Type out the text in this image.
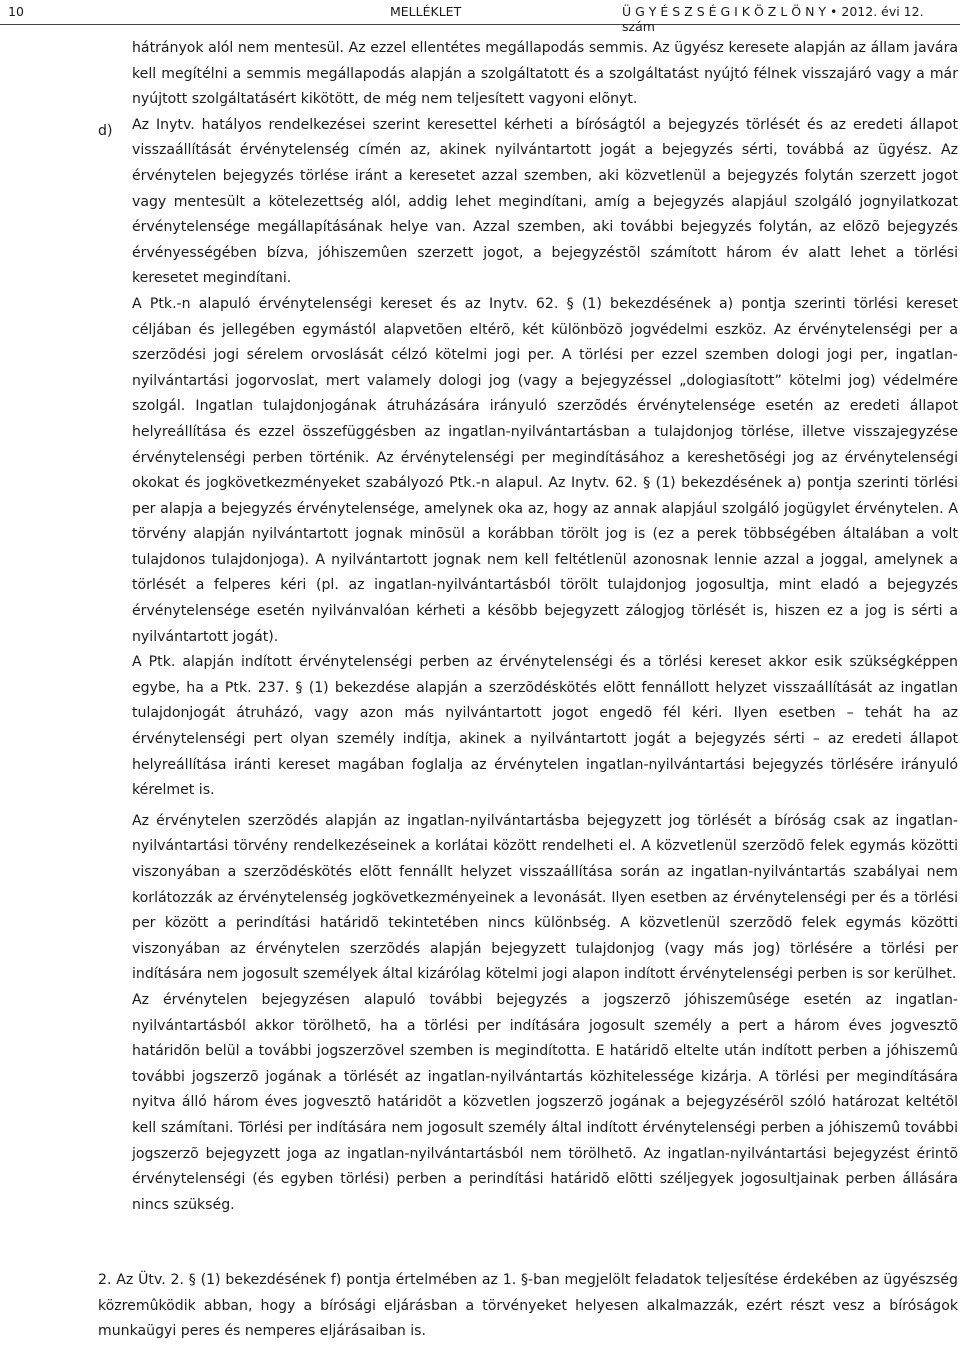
10	MELLÉKLET	Ü G Y É S Z S É G I K Ö Z L Ö N Y • 2012. évi 12. szám
d)

hátrányok alól nem mentesül. Az ezzel ellentétes megállapodás semmis. Az ügyész keresete alapján az állam javára kell megítélni a semmis megállapodás alapján a szolgáltatott és a szolgáltatást nyújtó félnek visszajáró vagy a már nyújtott szolgáltatásért kikötött, de még nem teljesített vagyoni elõnyt.

Az Inytv. hatályos rendelkezései szerint keresettel kérheti a bíróságtól a bejegyzés törlését és az eredeti állapot visszaállítását érvénytelenség címén az, akinek nyilvántartott jogát a bejegyzés sérti, továbbá az ügyész. Az érvénytelen bejegyzés törlése iránt a keresetet azzal szemben, aki közvetlenül a bejegyzés folytán szerzett jogot vagy mentesült a kötelezettség alól, addig lehet megindítani, amíg a bejegyzés alapjául szolgáló jognyilatkozat érvénytelensége megállapításának helye van. Azzal szemben, aki további bejegyzés folytán, az elõzõ bejegyzés érvényességében bízva, jóhiszemûen szerzett jogot, a bejegyzéstõl számított három év alatt lehet a törlési keresetet megindítani.

A Ptk.-n alapuló érvénytelenségi kereset és az Inytv. 62. § (1) bekezdésének a) pontja szerinti törlési kereset céljában és jellegében egymástól alapvetõen eltérõ, két különbözõ jogvédelmi eszköz. Az érvénytelenségi per a szerzõdési jogi sérelem orvoslását célzó kötelmi jogi per. A törlési per ezzel szemben dologi jogi per, ingatlan-nyilvántartási jogorvoslat, mert valamely dologi jog (vagy a bejegyzéssel „dologiasított” kötelmi jog) védelmére szolgál. Ingatlan tulajdonjogának átruházására irányuló szerzõdés érvénytelensége esetén az eredeti állapot helyreállítása és ezzel összefüggésben az ingatlan-nyilvántartásban a tulajdonjog törlése, illetve visszajegyzése érvénytelenségi perben történik. Az érvénytelenségi per megindításához a kereshetõségi jog az érvénytelenségi okokat és jogkövetkezményeket szabályozó Ptk.-n alapul. Az Inytv. 62. § (1) bekezdésének a) pontja szerinti törlési per alapja a bejegyzés érvénytelensége, amelynek oka az, hogy az annak alapjául szolgáló jogügylet érvénytelen. A törvény alapján nyilvántartott jognak minõsül a korábban törölt jog is (ez a perek többségében általában a volt tulajdonos tulajdonjoga). A nyilvántartott jognak nem kell feltétlenül azonosnak lennie azzal a joggal, amelynek a törlését a felperes kéri (pl. az ingatlan-nyilvántartásból törölt tulajdonjog jogosultja, mint eladó a bejegyzés érvénytelensége esetén nyilvánvalóan kérheti a késõbb bejegyzett zálogjog törlését is, hiszen ez a jog is sérti a nyilvántartott jogát).

A Ptk. alapján indított érvénytelenségi perben az érvénytelenségi és a törlési kereset akkor esik szükségképpen egybe, ha a Ptk. 237. § (1) bekezdése alapján a szerzõdéskötés elõtt fennállott helyzet visszaállítását az ingatlan tulajdonjogát átruházó, vagy azon más nyilvántartott jogot engedõ fél kéri. Ilyen esetben – tehát ha az érvénytelenségi pert olyan személy indítja, akinek a nyilvántartott jogát a bejegyzés sérti – az eredeti állapot helyreállítása iránti kereset magában foglalja az érvénytelen ingatlan-nyilvántartási bejegyzés törlésére irányuló kérelmet is.

Az érvénytelen szerzõdés alapján az ingatlan-nyilvántartásba bejegyzett jog törlését a bíróság csak az ingatlan-nyilvántartási törvény rendelkezéseinek a korlátai között rendelheti el. A közvetlenül szerzõdõ felek egymás közötti viszonyában a szerzõdéskötés elõtt fennállt helyzet visszaállítása során az ingatlan-nyilvántartás szabályai nem korlátozzák az érvénytelenség jogkövetkezményeinek a levonását. Ilyen esetben az érvénytelenségi per és a törlési per között a perindítási határidõ tekintetében nincs különbség. A közvetlenül szerzõdõ felek egymás közötti viszonyában az érvénytelen szerzõdés alapján bejegyzett tulajdonjog (vagy más jog) törlésére a törlési per indítására nem jogosult személyek által kizárólag kötelmi jogi alapon indított érvénytelenségi perben is sor kerülhet.

Az érvénytelen bejegyzésen alapuló további bejegyzés a jogszerzõ jóhiszemûsége esetén az ingatlan-nyilvántartásból akkor törölhetõ, ha a törlési per indítására jogosult személy a pert a három éves jogvesztõ határidõn belül a további jogszerzõvel szemben is megindította. E határidõ eltelte után indított perben a jóhiszemû további jogszerzõ jogának a törlését az ingatlan-nyilvántartás közhitelessége kizárja. A törlési per megindítására nyitva álló három éves jogvesztõ határidõt a közvetlen jogszerzõ jogának a bejegyzésérõl szóló határozat keltétõl kell számítani. Törlési per indítására nem jogosult személy által indított érvénytelenségi perben a jóhiszemû további jogszerzõ bejegyzett joga az ingatlan-nyilvántartásból nem törölhetõ. Az ingatlan-nyilvántartási bejegyzést érintõ érvénytelenségi (és egyben törlési) perben a perindítási határidõ elõtti széljegyek jogosultjainak perben állására nincs szükség.

2. Az Ütv. 2. § (1) bekezdésének f) pontja értelmében az 1. §-ban megjelölt feladatok teljesítése érdekében az ügyészség közremûködik abban, hogy a bírósági eljárásban a törvényeket helyesen alkalmazzák, ezért részt vesz a bíróságok munkaügyi peres és nemperes eljárásaiban is.
